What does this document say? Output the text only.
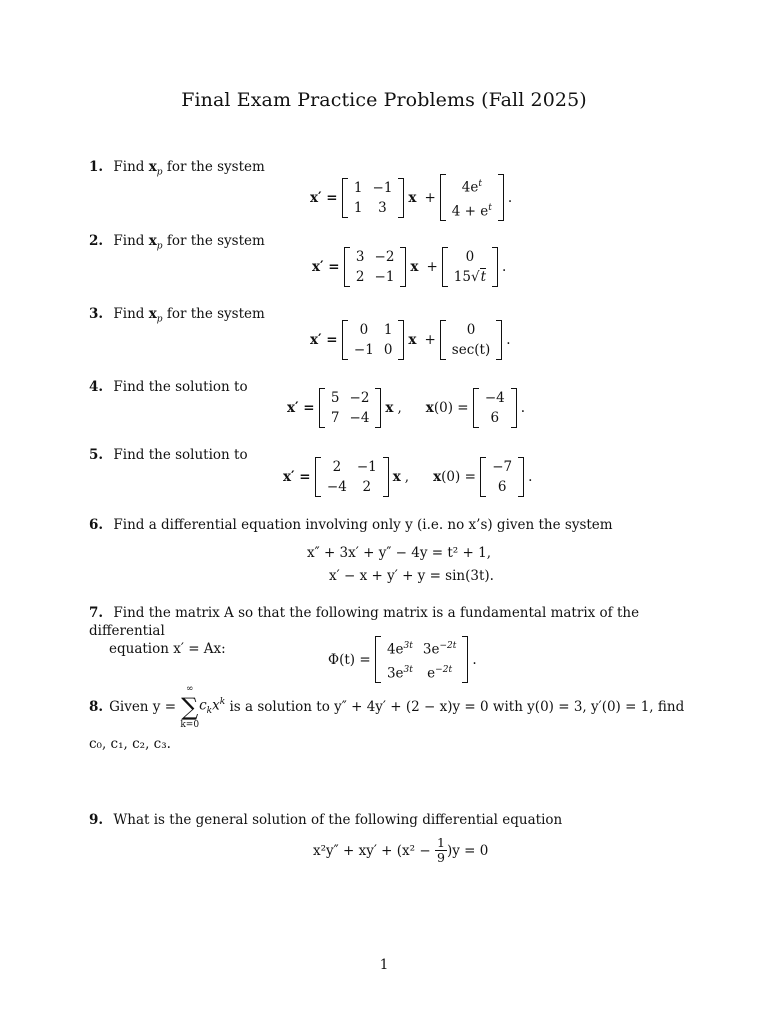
Final Exam Practice Problems (Fall 2025)
1. Find $x_p$ for the system
x′ =

1	−1
1	3
x +
$4e^t$
$4 + e^t$
.
2. Find $x_p$ for the system
x′ =

3	−2
2	−1
x +
0
15√t
.
3. Find $x_p$ for the system
x′ =

0	1
−1	0
x +
0
sec(t)
.
4. Find the solution to
x′ =

5	−2
7	−4
x , x(0) =

−4
6
.
5. Find the solution to
x′ =

2	−1
−4	2
x , x(0) =

−7
6
.
6. Find a differential equation involving only y (i.e. no x’s) given the system
x″ + 3x′ + y″ − 4y = t² + 1,
x′ − x + y′ + y = sin(3t).
7. Find the matrix A so that the following matrix is a fundamental matrix of the differential
equation x′ = Ax:
Φ(t) =

$4e^{3t}$	$3e^{-2t}$
$3e^{3t}$	$e^{-2t}$
.
8. Given y =

∞
∑
k=0
$c_kx^k$
is a solution to y″ + 4y′ + (2 − x)y = 0 with y(0) = 3, y′(0) = 1, find
c₀, c₁, c₂, c₃.
9. What is the general solution of the following differential equation
x²y″ + xy′ + (x² −
$\frac{1}{9} )y = 0$
1
